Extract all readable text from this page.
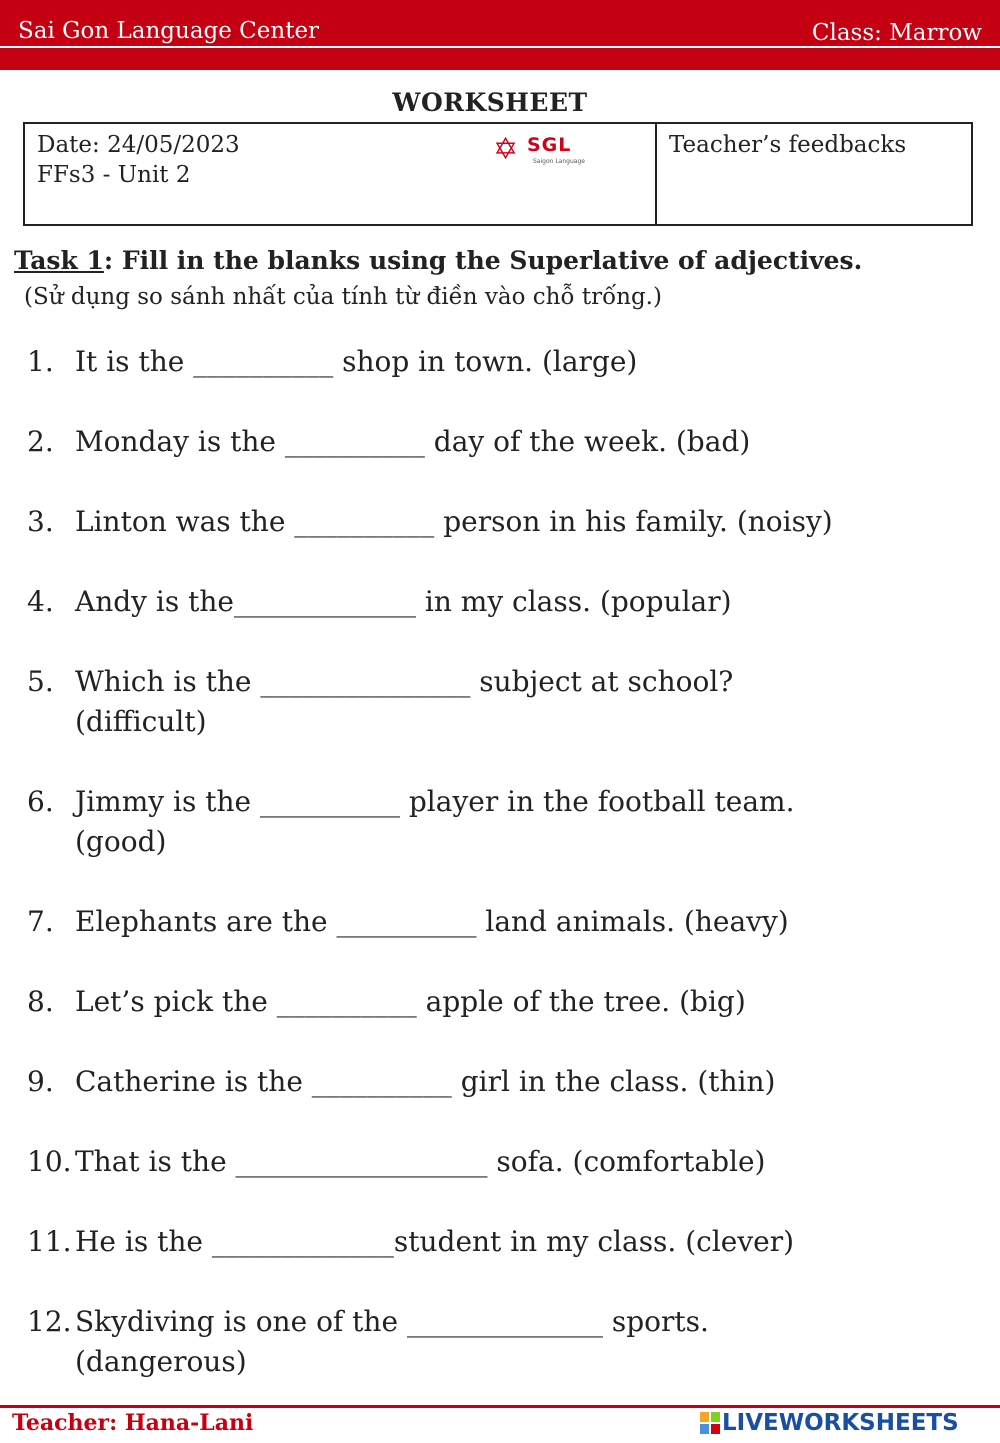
Sai Gon Language Center	Class: Marrow
WORKSHEET
Date: 24/05/2023
FFs3 - Unit 2
✡ SGL
Saigon Language
Teacher’s feedbacks
Task 1: Fill in the blanks using the Superlative of adjectives.
(Sử dụng so sánh nhất của tính từ điền vào chỗ trống.)
1. It is the __________ shop in town. (large)
2. Monday is the __________ day of the week. (bad)
3. Linton was the __________ person in his family. (noisy)
4. Andy is the_____________ in my class. (popular)
5. Which is the _______________ subject at school?
(difficult)
6. Jimmy is the __________ player in the football team.
(good)
7. Elephants are the __________ land animals. (heavy)
8. Let’s pick the __________ apple of the tree. (big)
9. Catherine is the __________ girl in the class. (thin)
10. That is the __________________ sofa. (comfortable)
11. He is the _____________student in my class. (clever)
12. Skydiving is one of the ______________ sports.
(dangerous)
Teacher: Hana-Lani	LIVEWORKSHEETS
